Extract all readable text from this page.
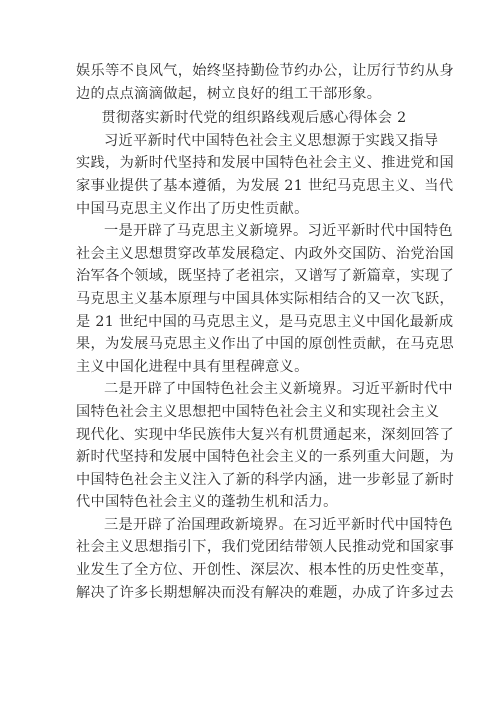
娱乐等不良风气，始终坚持勤俭节约办公，让厉行节约从身
边的点点滴滴做起，树立良好的组工干部形象。
贯彻落实新时代党的组织路线观后感心得体会 2
习近平新时代中国特色社会主义思想源于实践又指导
实践，为新时代坚持和发展中国特色社会主义、推进党和国
家事业提供了基本遵循，为发展 21 世纪马克思主义、当代
中国马克思主义作出了历史性贡献。
一是开辟了马克思主义新境界。习近平新时代中国特色
社会主义思想贯穿改革发展稳定、内政外交国防、治党治国
治军各个领域，既坚持了老祖宗，又谱写了新篇章，实现了
马克思主义基本原理与中国具体实际相结合的又一次飞跃，
是 21 世纪中国的马克思主义，是马克思主义中国化最新成
果，为发展马克思主义作出了中国的原创性贡献，在马克思
主义中国化进程中具有里程碑意义。
二是开辟了中国特色社会主义新境界。习近平新时代中
国特色社会主义思想把中国特色社会主义和实现社会主义
现代化、实现中华民族伟大复兴有机贯通起来，深刻回答了
新时代坚持和发展中国特色社会主义的一系列重大问题，为
中国特色社会主义注入了新的科学内涵，进一步彰显了新时
代中国特色社会主义的蓬勃生机和活力。
三是开辟了治国理政新境界。在习近平新时代中国特色
社会主义思想指引下，我们党团结带领人民推动党和国家事
业发生了全方位、开创性、深层次、根本性的历史性变革，
解决了许多长期想解决而没有解决的难题，办成了许多过去
